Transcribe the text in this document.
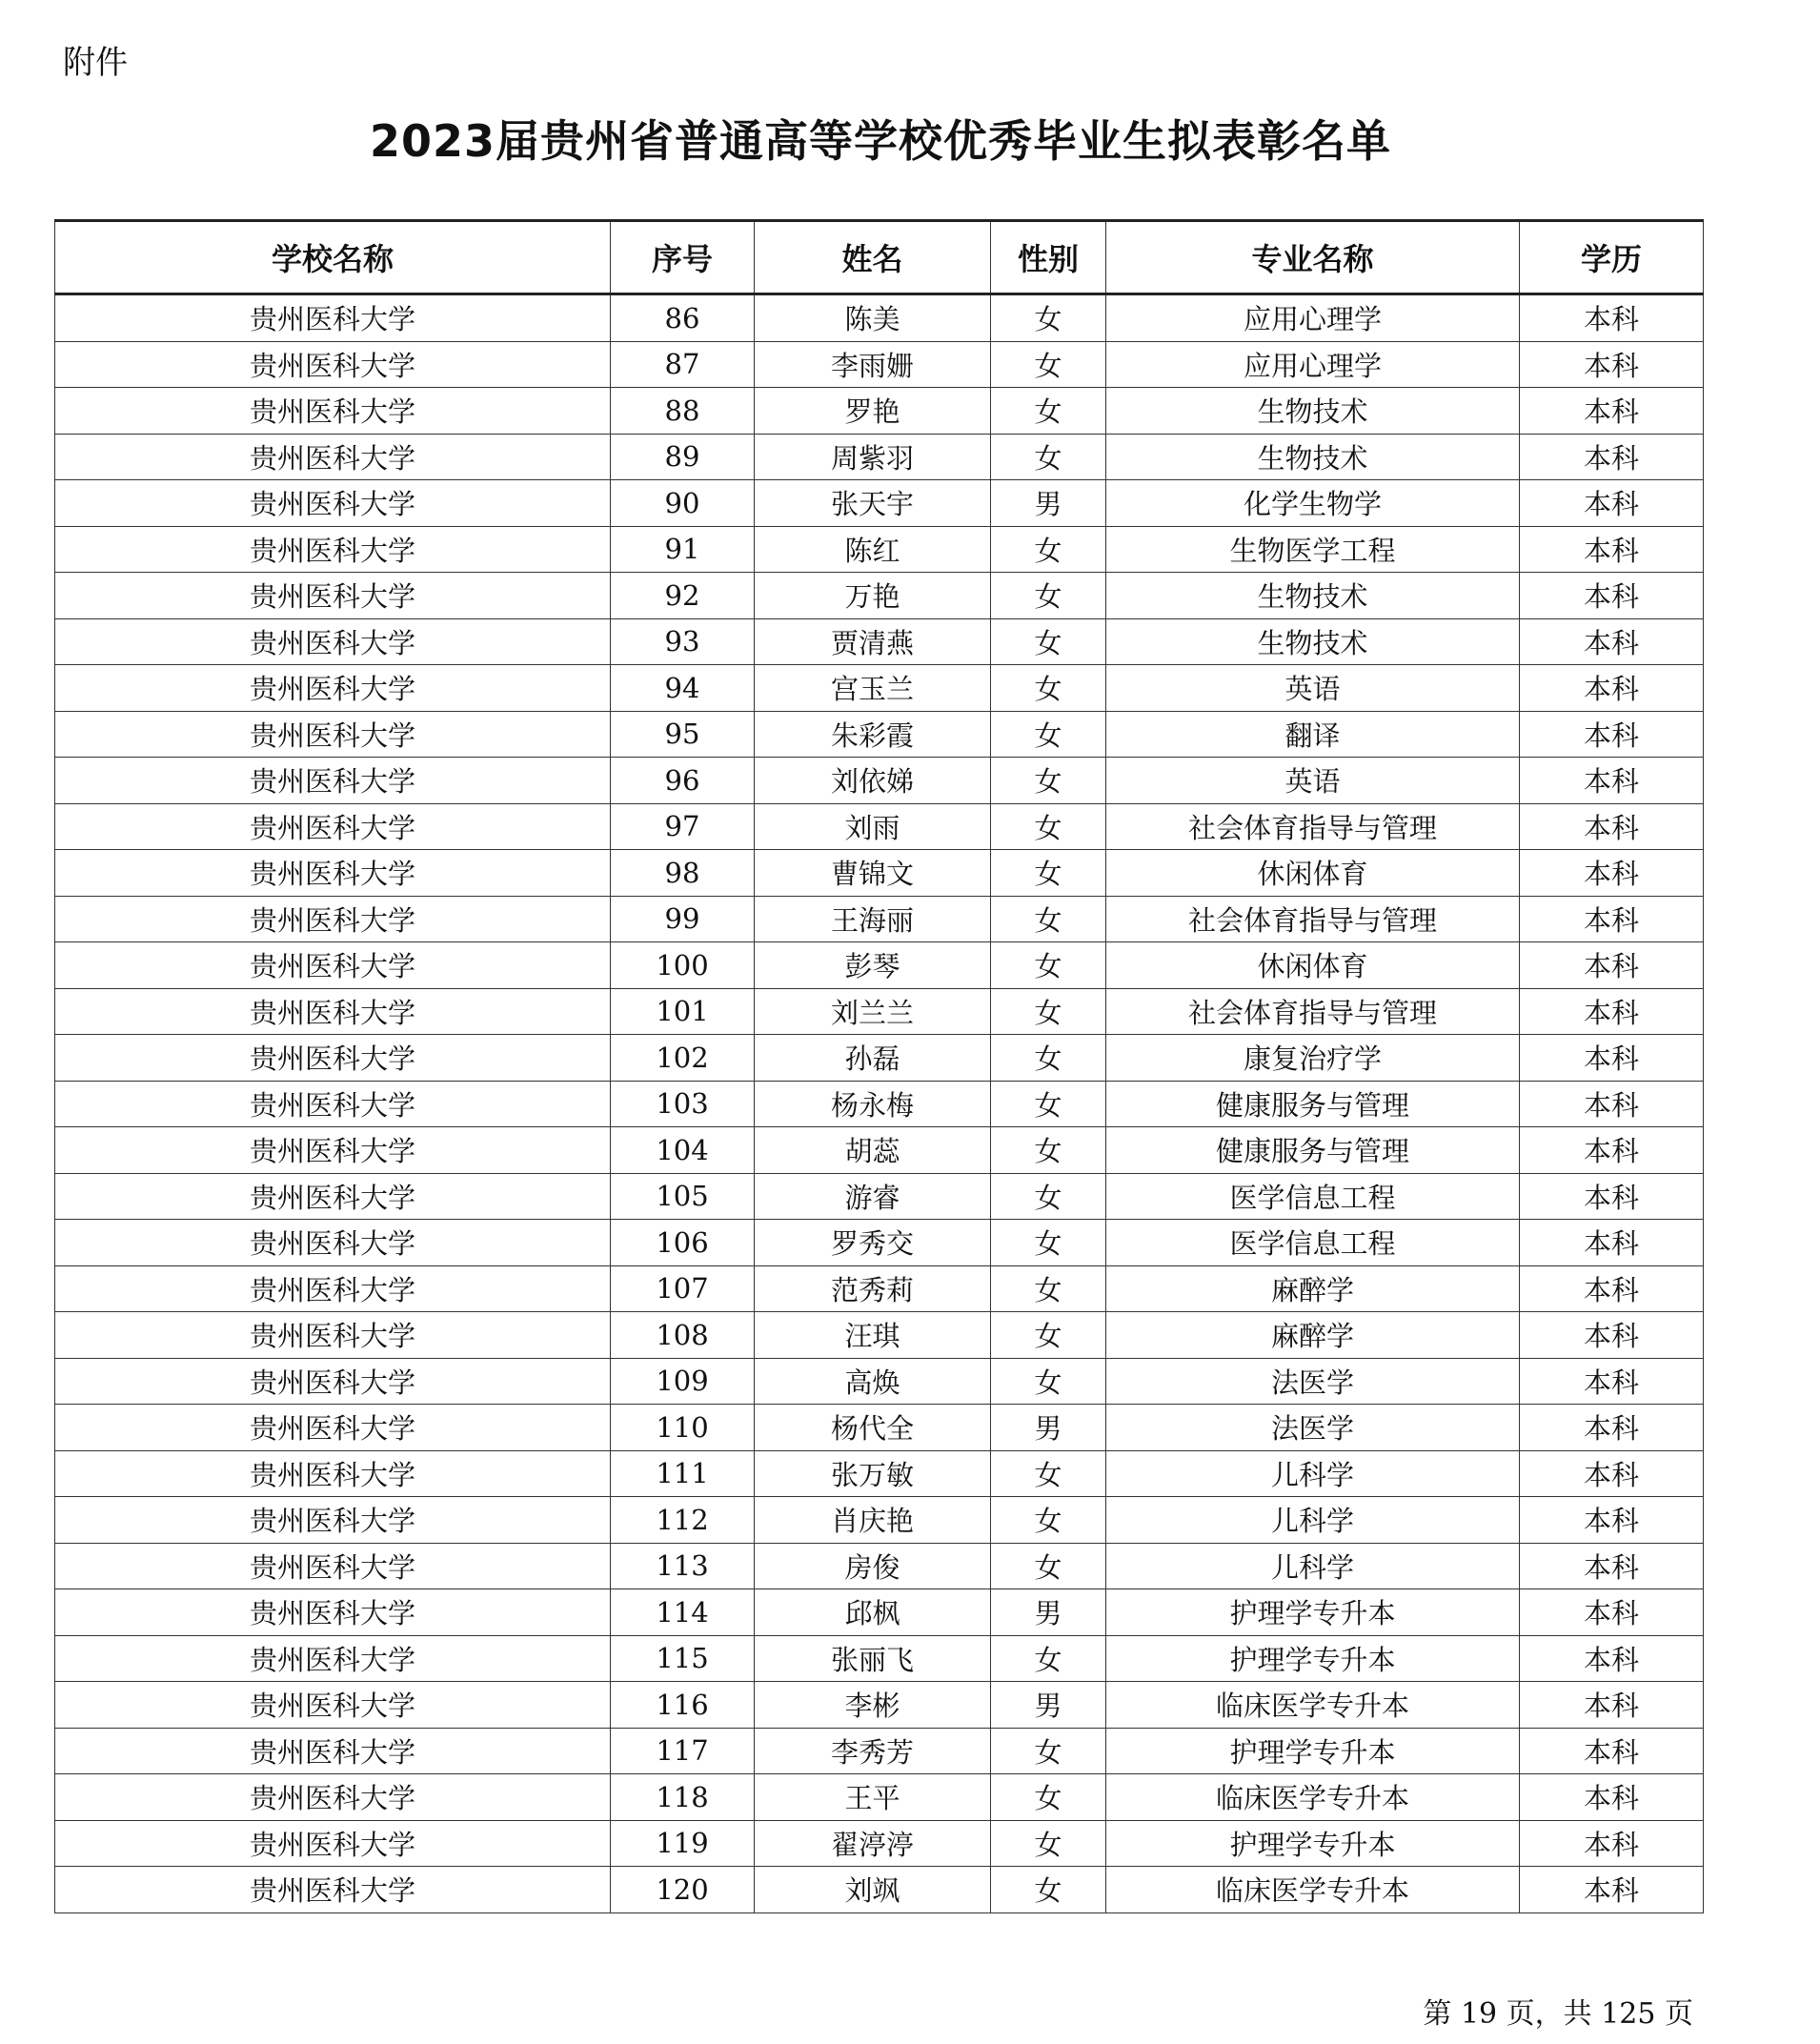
附件
2023届贵州省普通高等学校优秀毕业生拟表彰名单
学校名称	序号	姓名	性别	专业名称	学历
贵州医科大学	86	陈美	女	应用心理学	本科
贵州医科大学	87	李雨姗	女	应用心理学	本科
贵州医科大学	88	罗艳	女	生物技术	本科
贵州医科大学	89	周紫羽	女	生物技术	本科
贵州医科大学	90	张天宇	男	化学生物学	本科
贵州医科大学	91	陈红	女	生物医学工程	本科
贵州医科大学	92	万艳	女	生物技术	本科
贵州医科大学	93	贾清燕	女	生物技术	本科
贵州医科大学	94	宫玉兰	女	英语	本科
贵州医科大学	95	朱彩霞	女	翻译	本科
贵州医科大学	96	刘依娣	女	英语	本科
贵州医科大学	97	刘雨	女	社会体育指导与管理	本科
贵州医科大学	98	曹锦文	女	休闲体育	本科
贵州医科大学	99	王海丽	女	社会体育指导与管理	本科
贵州医科大学	100	彭琴	女	休闲体育	本科
贵州医科大学	101	刘兰兰	女	社会体育指导与管理	本科
贵州医科大学	102	孙磊	女	康复治疗学	本科
贵州医科大学	103	杨永梅	女	健康服务与管理	本科
贵州医科大学	104	胡蕊	女	健康服务与管理	本科
贵州医科大学	105	游睿	女	医学信息工程	本科
贵州医科大学	106	罗秀交	女	医学信息工程	本科
贵州医科大学	107	范秀莉	女	麻醉学	本科
贵州医科大学	108	汪琪	女	麻醉学	本科
贵州医科大学	109	高焕	女	法医学	本科
贵州医科大学	110	杨代全	男	法医学	本科
贵州医科大学	111	张万敏	女	儿科学	本科
贵州医科大学	112	肖庆艳	女	儿科学	本科
贵州医科大学	113	房俊	女	儿科学	本科
贵州医科大学	114	邱枫	男	护理学专升本	本科
贵州医科大学	115	张丽飞	女	护理学专升本	本科
贵州医科大学	116	李彬	男	临床医学专升本	本科
贵州医科大学	117	李秀芳	女	护理学专升本	本科
贵州医科大学	118	王平	女	临床医学专升本	本科
贵州医科大学	119	翟渟渟	女	护理学专升本	本科
贵州医科大学	120	刘飒	女	临床医学专升本	本科
第 19 页，共 125 页
